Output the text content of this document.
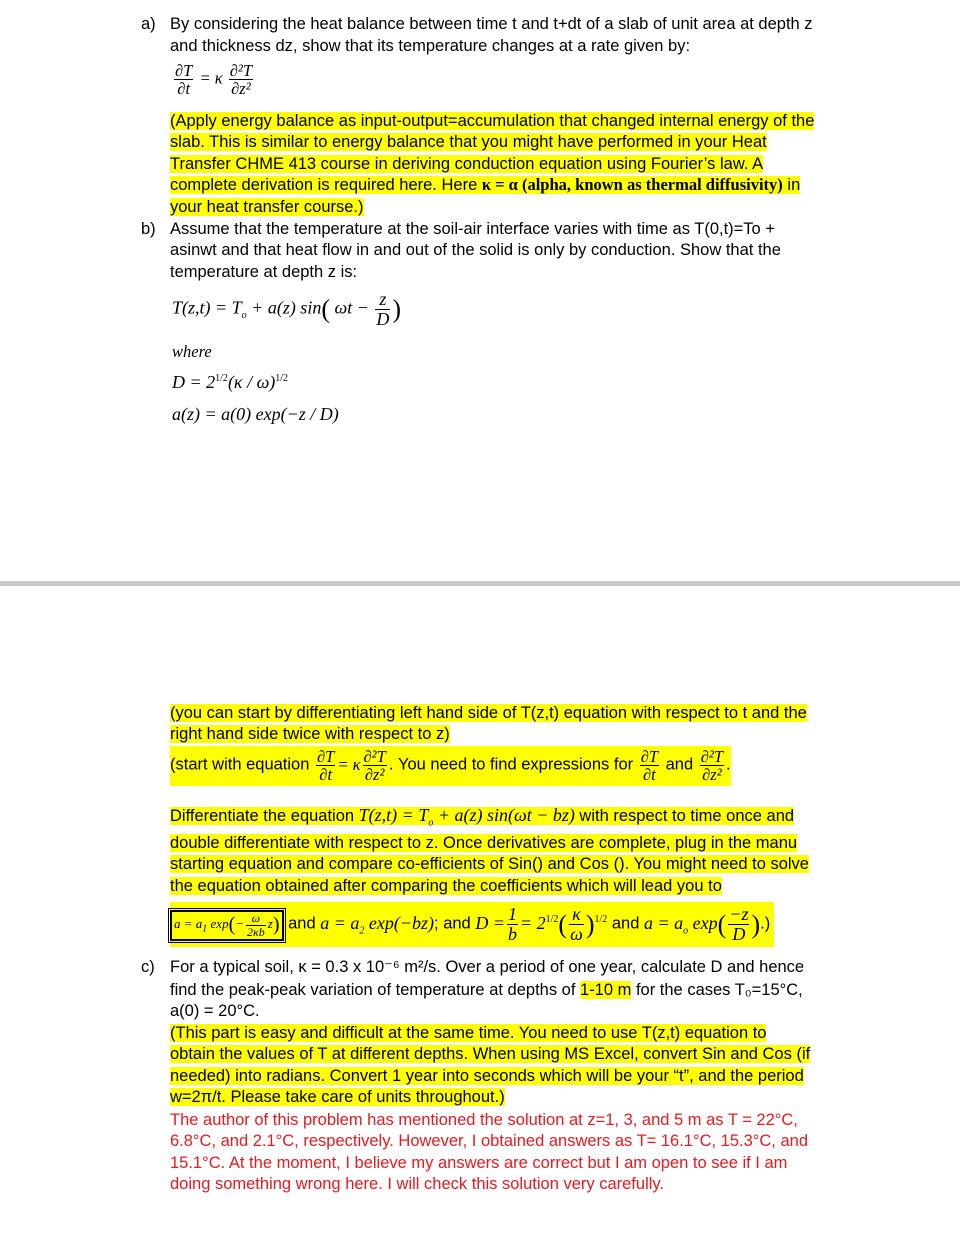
a) By considering the heat balance between time t and t+dt of a slab of unit area at depth z
and thickness dz, show that its temperature changes at a rate given by:
$\frac{\partial T}{\partial t} = \kappa \frac{\text{∂²T}}{\text{∂z²}}$
(Apply energy balance as input-output=accumulation that changed internal energy of the
slab. This is similar to energy balance that you might have performed in your Heat
Transfer CHME 413 course in deriving conduction equation using Fourier’s law. A
complete derivation is required here. Here κ = α (alpha, known as thermal diffusivity) in
your heat transfer course.)
b) Assume that the temperature at the soil-air interface varies with time as T(0,t)=To +
asinwt and that heat flow in and out of the solid is only by conduction. Show that the
temperature at depth z is:
$T(z,t) = T_o + a(z)$ sin( $\omega t - \frac{z}{D}$ )
where
$D = 2^{1/2}(\kappa / \omega)^{1/2}$
a(z) = a(0) exp(−z / D)
(you can start by differentiating left hand side of T(z,t) equation with respect to t and the
right hand side twice with respect to z)
(start with equation $\frac{\partial T}{\partial t} = \kappa \frac{\text{∂²T}}{\text{∂z²}}$ . You need to find expressions for $\frac{\partial T}{\partial t}$ and $\frac{\text{∂²T}}{\text{∂z²}}$ .
Differentiate the equation $T(z,t) = T_o + a(z) \sin(\omega t - bz)$ with respect to time once and
double differentiate with respect to z. Once derivatives are complete, plug in the manu
starting equation and compare co-efficients of Sin() and Cos (). You might need to solve
the equation obtained after comparing the coefficients which will lead you to
$a = a_1$ $\exp(- \frac{\omega}{2\kappa b} z)$ and $a = a_2$ exp(−bz); and $D = \frac{1}{b} = 2^{1/2}( \frac{\kappa}{\omega} )^{1/2}$ and $a = a_o$ $\exp( \frac{-z}{D}$ ).)
c) For a typical soil, κ = 0.3 x 10⁻⁶ m²/s. Over a period of one year, calculate D and hence
find the peak-peak variation of temperature at depths of 1-10 m for the cases T₀=15°C,
a(0) = 20°C.
(This part is easy and difficult at the same time. You need to use T(z,t) equation to
obtain the values of T at different depths. When using MS Excel, convert Sin and Cos (if
needed) into radians. Convert 1 year into seconds which will be your “t”, and the period
w=2π/t. Please take care of units throughout.)
The author of this problem has mentioned the solution at z=1, 3, and 5 m as T = 22°C,
6.8°C, and 2.1°C, respectively. However, I obtained answers as T= 16.1°C, 15.3°C, and
15.1°C. At the moment, I believe my answers are correct but I am open to see if I am
doing something wrong here. I will check this solution very carefully.
